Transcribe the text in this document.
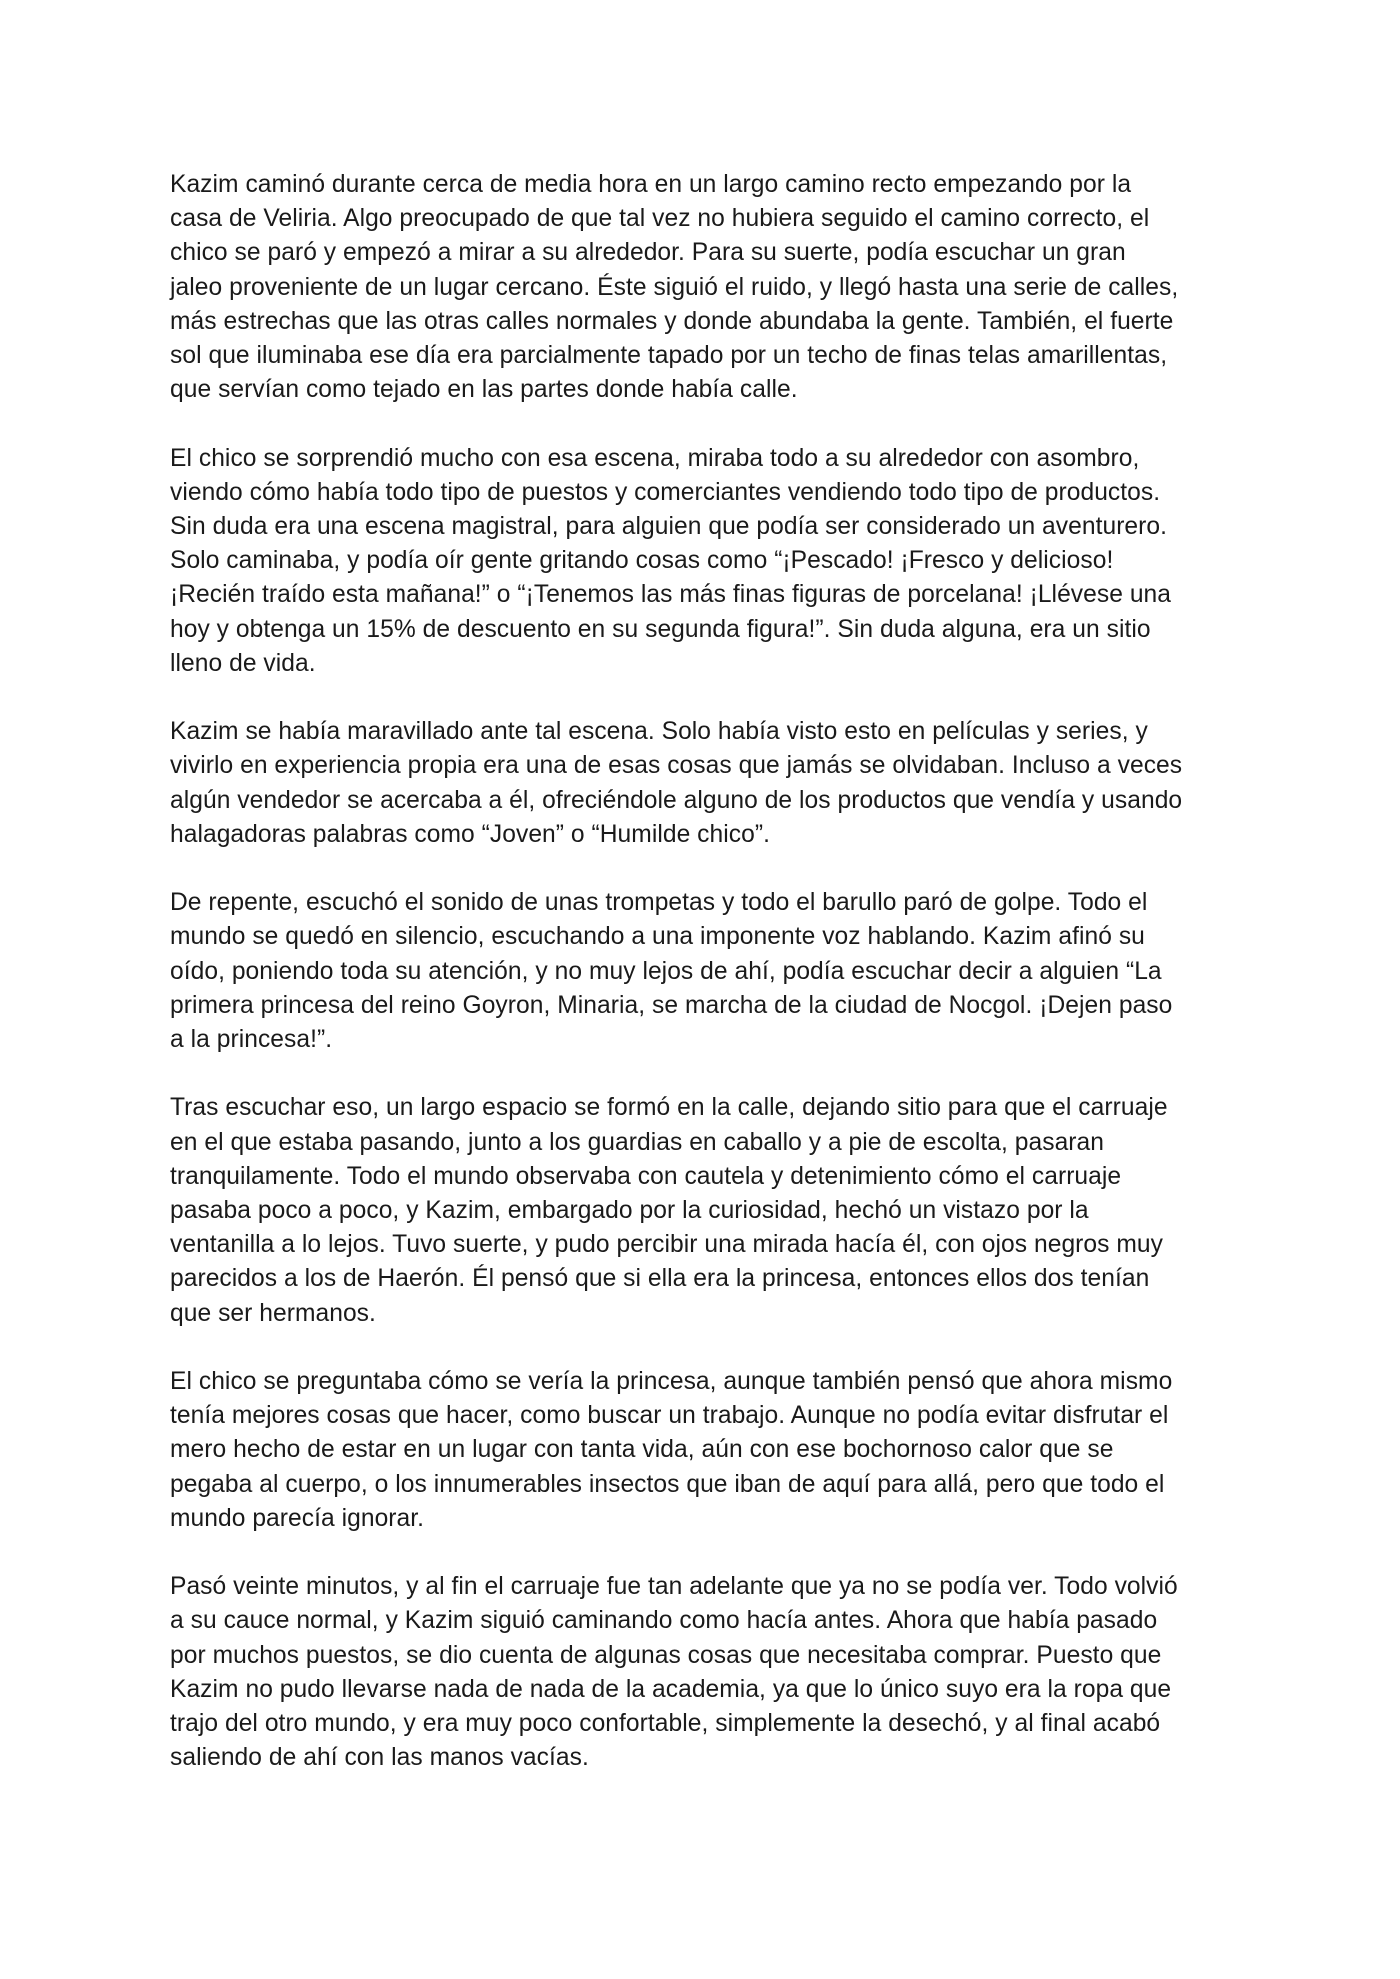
Kazim caminó durante cerca de media hora en un largo camino recto empezando por la
casa de Veliria. Algo preocupado de que tal vez no hubiera seguido el camino correcto, el
chico se paró y empezó a mirar a su alrededor. Para su suerte, podía escuchar un gran
jaleo proveniente de un lugar cercano. Éste siguió el ruido, y llegó hasta una serie de calles,
más estrechas que las otras calles normales y donde abundaba la gente. También, el fuerte
sol que iluminaba ese día era parcialmente tapado por un techo de finas telas amarillentas,
que servían como tejado en las partes donde había calle.
El chico se sorprendió mucho con esa escena, miraba todo a su alrededor con asombro,
viendo cómo había todo tipo de puestos y comerciantes vendiendo todo tipo de productos.
Sin duda era una escena magistral, para alguien que podía ser considerado un aventurero.
Solo caminaba, y podía oír gente gritando cosas como “¡Pescado! ¡Fresco y delicioso!
¡Recién traído esta mañana!” o “¡Tenemos las más finas figuras de porcelana! ¡Llévese una
hoy y obtenga un 15% de descuento en su segunda figura!”. Sin duda alguna, era un sitio
lleno de vida.
Kazim se había maravillado ante tal escena. Solo había visto esto en películas y series, y
vivirlo en experiencia propia era una de esas cosas que jamás se olvidaban. Incluso a veces
algún vendedor se acercaba a él, ofreciéndole alguno de los productos que vendía y usando
halagadoras palabras como “Joven” o “Humilde chico”.
De repente, escuchó el sonido de unas trompetas y todo el barullo paró de golpe. Todo el
mundo se quedó en silencio, escuchando a una imponente voz hablando. Kazim afinó su
oído, poniendo toda su atención, y no muy lejos de ahí, podía escuchar decir a alguien “La
primera princesa del reino Goyron, Minaria, se marcha de la ciudad de Nocgol. ¡Dejen paso
a la princesa!”.
Tras escuchar eso, un largo espacio se formó en la calle, dejando sitio para que el carruaje
en el que estaba pasando, junto a los guardias en caballo y a pie de escolta, pasaran
tranquilamente. Todo el mundo observaba con cautela y detenimiento cómo el carruaje
pasaba poco a poco, y Kazim, embargado por la curiosidad, hechó un vistazo por la
ventanilla a lo lejos. Tuvo suerte, y pudo percibir una mirada hacía él, con ojos negros muy
parecidos a los de Haerón. Él pensó que si ella era la princesa, entonces ellos dos tenían
que ser hermanos.
El chico se preguntaba cómo se vería la princesa, aunque también pensó que ahora mismo
tenía mejores cosas que hacer, como buscar un trabajo. Aunque no podía evitar disfrutar el
mero hecho de estar en un lugar con tanta vida, aún con ese bochornoso calor que se
pegaba al cuerpo, o los innumerables insectos que iban de aquí para allá, pero que todo el
mundo parecía ignorar.
Pasó veinte minutos, y al fin el carruaje fue tan adelante que ya no se podía ver. Todo volvió
a su cauce normal, y Kazim siguió caminando como hacía antes. Ahora que había pasado
por muchos puestos, se dio cuenta de algunas cosas que necesitaba comprar. Puesto que
Kazim no pudo llevarse nada de nada de la academia, ya que lo único suyo era la ropa que
trajo del otro mundo, y era muy poco confortable, simplemente la desechó, y al final acabó
saliendo de ahí con las manos vacías.
